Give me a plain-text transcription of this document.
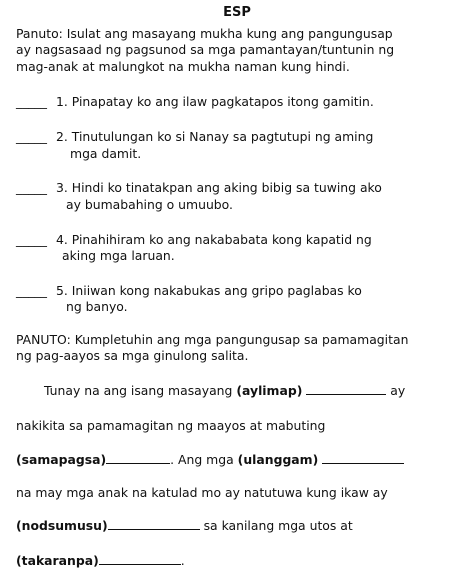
ESP
Panuto: Isulat ang masayang mukha kung ang pangungusap
ay nagsasaad ng pagsunod sa mga pamantayan/tuntunin ng
mag-anak at malungkot na mukha naman kung hindi.
_____ 1. Pinapatay ko ang ilaw pagkatapos itong gamitin.
_____ 2. Tinutulungan ko si Nanay sa pagtutupi ng aming
mga damit.
_____ 3. Hindi ko tinatakpan ang aking bibig sa tuwing ako
ay bumabahing o umuubo.
_____ 4. Pinahihiram ko ang nakababata kong kapatid ng
aking mga laruan.
_____ 5. Iniiwan kong nakabukas ang gripo paglabas ko
ng banyo.
PANUTO: Kumpletuhin ang mga pangungusap sa pamamagitan
ng pag-aayos sa mga ginulong salita.
Tunay na ang isang masayang (aylimap)	ay
nakikita sa pamamagitan ng maayos at mabuting
(samapagsa)	. Ang mga (ulanggam)
na may mga anak na katulad mo ay natutuwa kung ikaw ay
(nodsumusu)	sa kanilang mga utos at
(takaranpa)	.
